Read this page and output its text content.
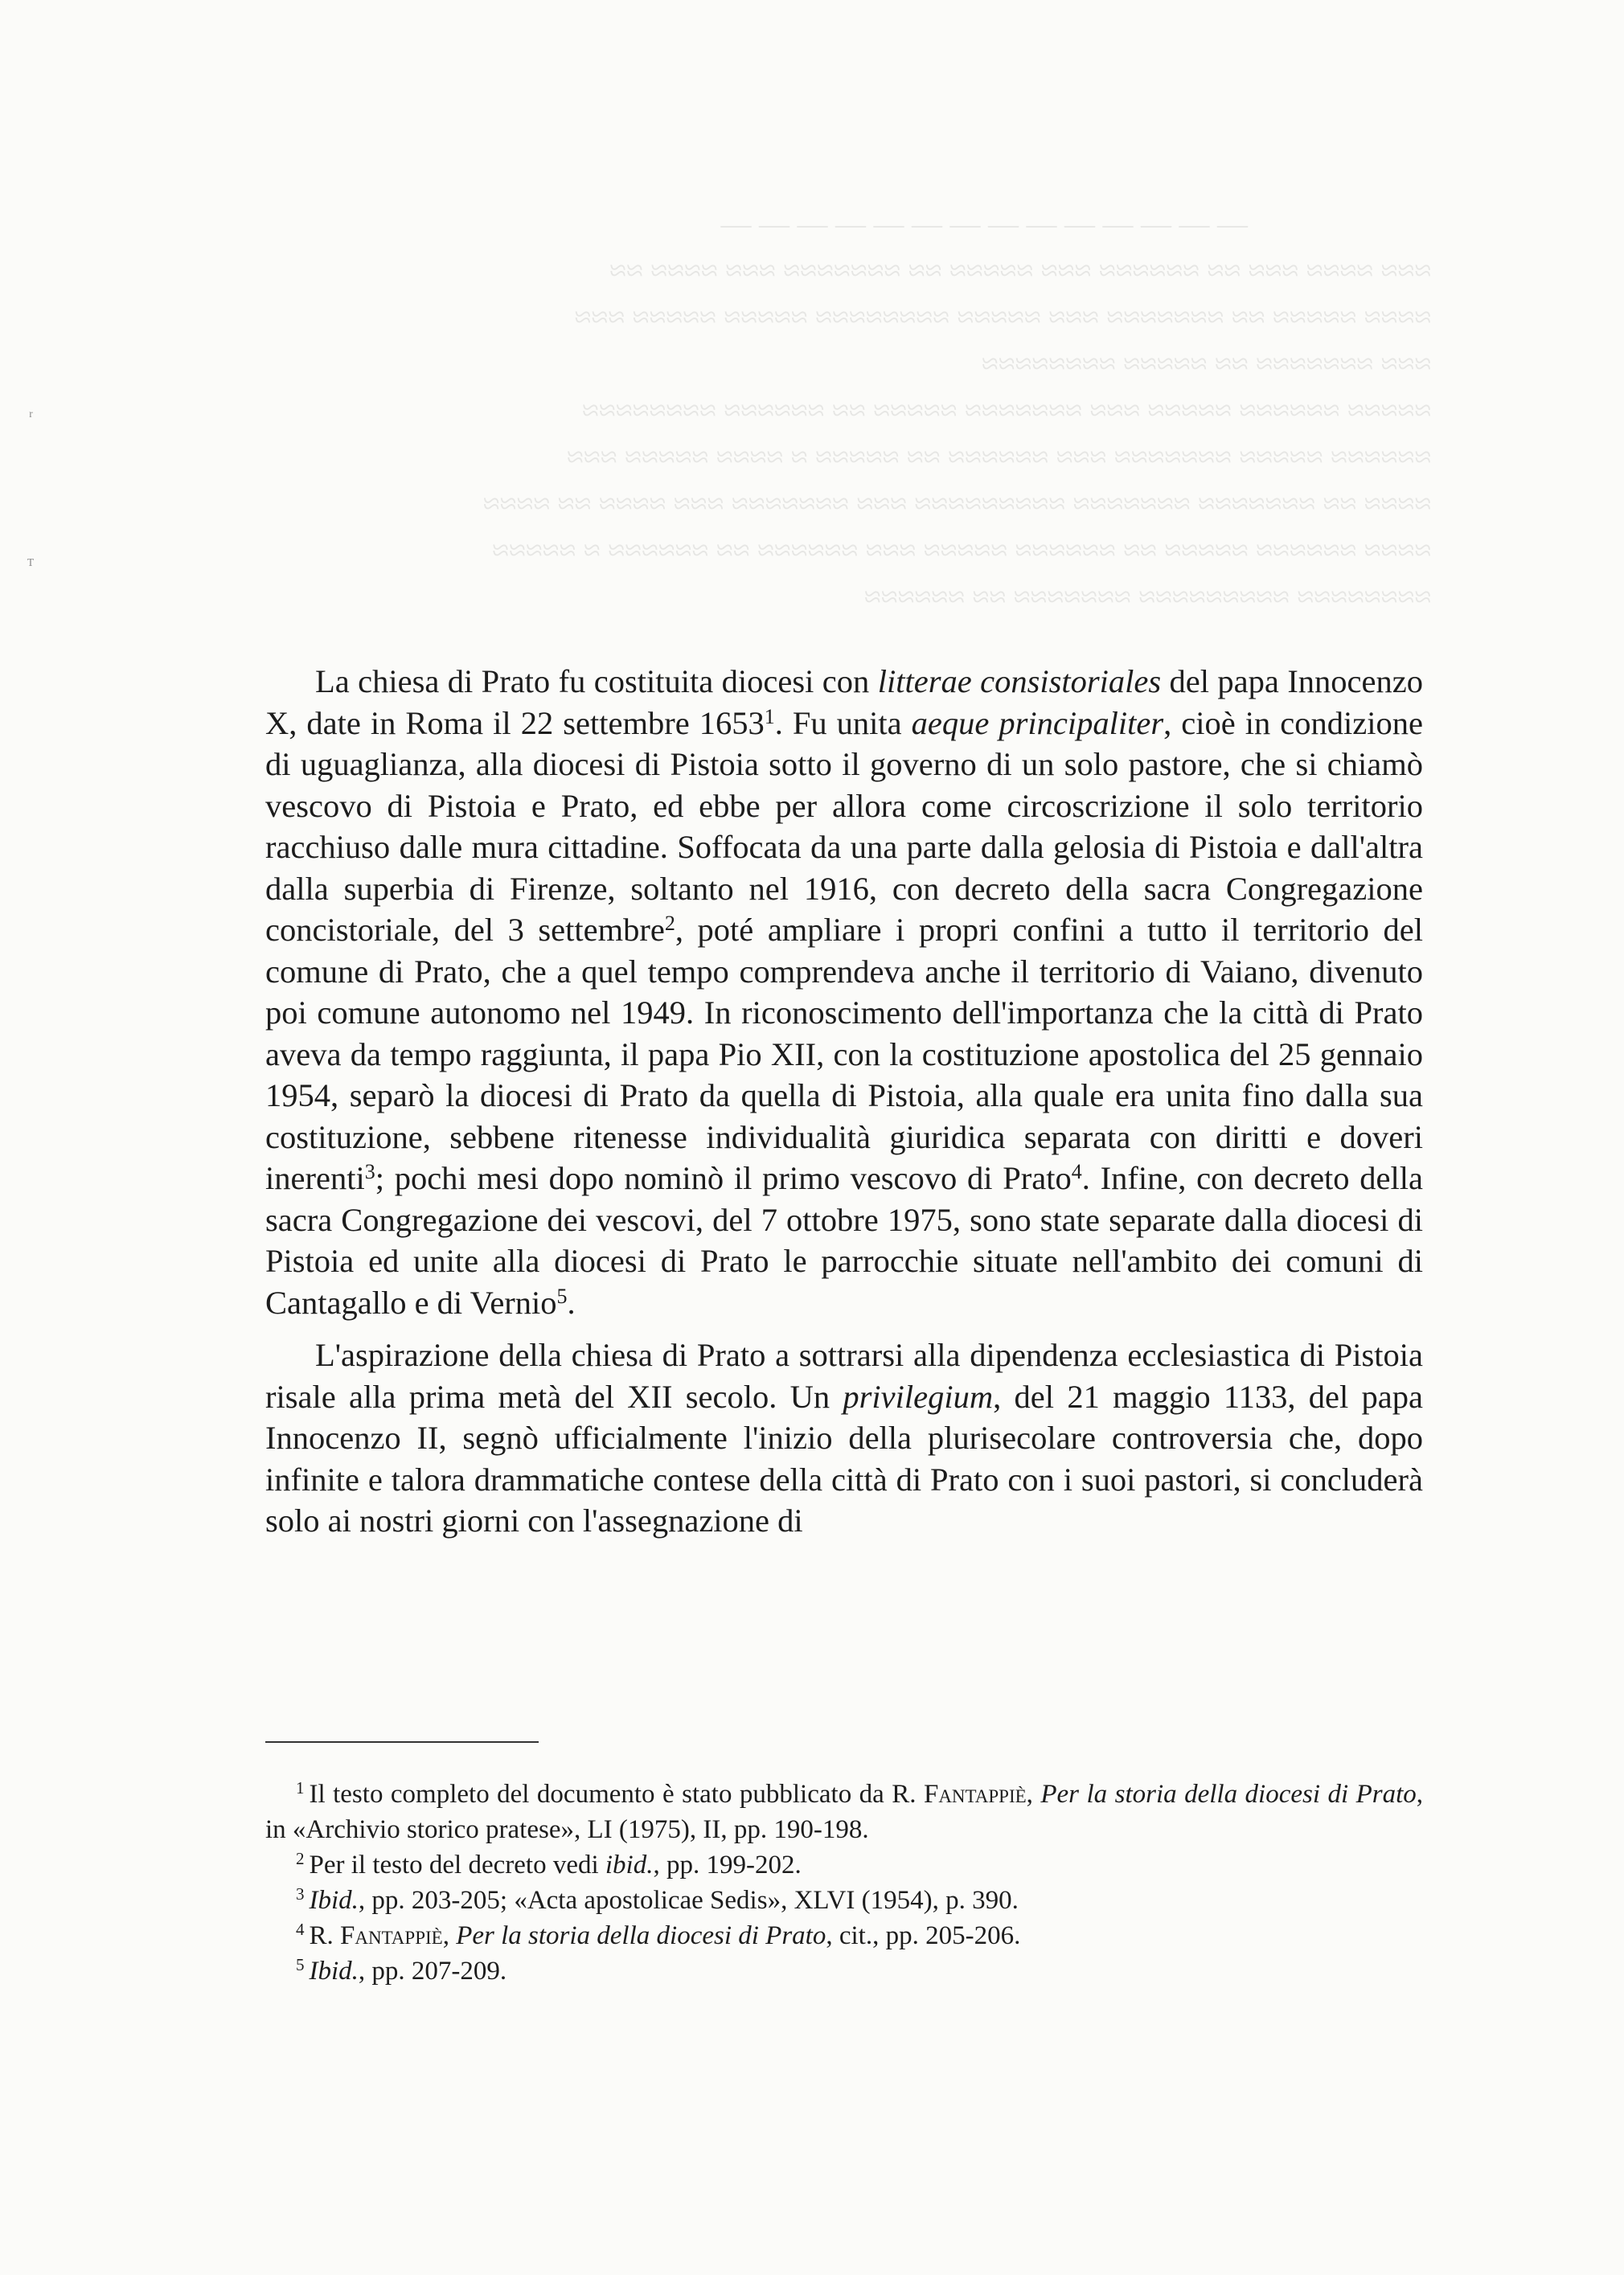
— — — — — — — — — — — — — —
≈≈≈ ≈≈≈≈ ≈≈≈ ≈≈ ≈≈≈≈≈≈ ≈≈≈ ≈≈≈≈≈ ≈≈ ≈≈≈≈≈≈≈ ≈≈≈ ≈≈≈≈ ≈≈
≈≈≈≈ ≈≈≈≈≈ ≈≈ ≈≈≈≈≈≈≈ ≈≈≈ ≈≈≈≈≈ ≈≈≈≈≈≈≈≈ ≈≈≈≈≈ ≈≈≈≈≈ ≈≈≈
≈≈≈ ≈≈≈≈≈≈≈ ≈≈ ≈≈≈≈≈ ≈≈≈≈≈≈≈≈
≈≈≈≈≈ ≈≈≈≈≈≈ ≈≈≈≈≈ ≈≈≈ ≈≈≈≈≈≈≈ ≈≈≈≈≈ ≈≈ ≈≈≈≈≈≈ ≈≈≈≈≈≈≈≈
≈≈≈≈≈≈ ≈≈≈≈≈ ≈≈≈≈≈≈≈ ≈≈≈ ≈≈≈≈≈≈ ≈≈ ≈≈≈≈≈ ≈ ≈≈≈≈ ≈≈≈≈≈ ≈≈≈
≈≈≈≈ ≈≈ ≈≈≈≈≈≈≈ ≈≈≈≈≈≈≈ ≈≈≈≈≈≈≈≈≈ ≈≈≈ ≈≈≈≈≈≈≈ ≈≈≈ ≈≈≈≈ ≈≈ ≈≈≈≈
≈≈≈≈ ≈≈≈≈≈≈ ≈≈≈≈≈ ≈≈ ≈≈≈≈≈≈ ≈≈≈≈≈ ≈≈≈ ≈≈≈≈≈≈ ≈≈ ≈≈≈≈≈≈ ≈ ≈≈≈≈≈
≈≈≈≈≈≈≈≈ ≈≈≈≈≈≈≈≈≈ ≈≈≈≈≈≈≈ ≈≈ ≈≈≈≈≈≈

La chiesa di Prato fu costituita diocesi con litterae consistoriales del papa Innocenzo X, date in Roma il 22 settembre 1653$^1$. Fu unita aeque principaliter, cioè in condizione di uguaglianza, alla diocesi di Pistoia sotto il governo di un solo pastore, che si chiamò vescovo di Pistoia e Prato, ed ebbe per allora come circoscrizione il solo territorio racchiuso dalle mura cittadine. Soffocata da una parte dalla gelosia di Pistoia e dall'altra dalla superbia di Firenze, soltanto nel 1916, con decreto della sacra Congregazione concistoriale, del 3 settembre$^2$, poté ampliare i propri confini a tutto il territorio del comune di Prato, che a quel tempo comprendeva anche il territorio di Vaiano, divenuto poi comune autonomo nel 1949. In riconoscimento dell'importanza che la città di Prato aveva da tempo raggiunta, il papa Pio XII, con la costituzione apostolica del 25 gennaio 1954, separò la diocesi di Prato da quella di Pistoia, alla quale era unita fino dalla sua costituzione, sebbene ritenesse individualità giuridica separata con diritti e doveri inerenti$^3$; pochi mesi dopo nominò il primo vescovo di Prato$^4$. Infine, con decreto della sacra Congregazione dei vescovi, del 7 ottobre 1975, sono state separate dalla diocesi di Pistoia ed unite alla diocesi di Prato le parrocchie situate nell'ambito dei comuni di Cantagallo e di Vernio$^5$.

L'aspirazione della chiesa di Prato a sottrarsi alla dipendenza ecclesiastica di Pistoia risale alla prima metà del XII secolo. Un privilegium, del 21 maggio 1133, del papa Innocenzo II, segnò ufficialmente l'inizio della plurisecolare controversia che, dopo infinite e talora drammatiche contese della città di Prato con i suoi pastori, si concluderà solo ai nostri giorni con l'assegnazione di

$^1$ Il testo completo del documento è stato pubblicato da R. Fantappiè, Per la storia della diocesi di Prato, in «Archivio storico pratese», LI (1975), II, pp. 190-198.

$^2$ Per il testo del decreto vedi ibid., pp. 199-202.

$^3$ Ibid., pp. 203-205; «Acta apostolicae Sedis», XLVI (1954), p. 390.

$^4$ R. Fantappiè, Per la storia della diocesi di Prato, cit., pp. 205-206.

$^5$ Ibid., pp. 207-209.

ʳ
ᵀ
